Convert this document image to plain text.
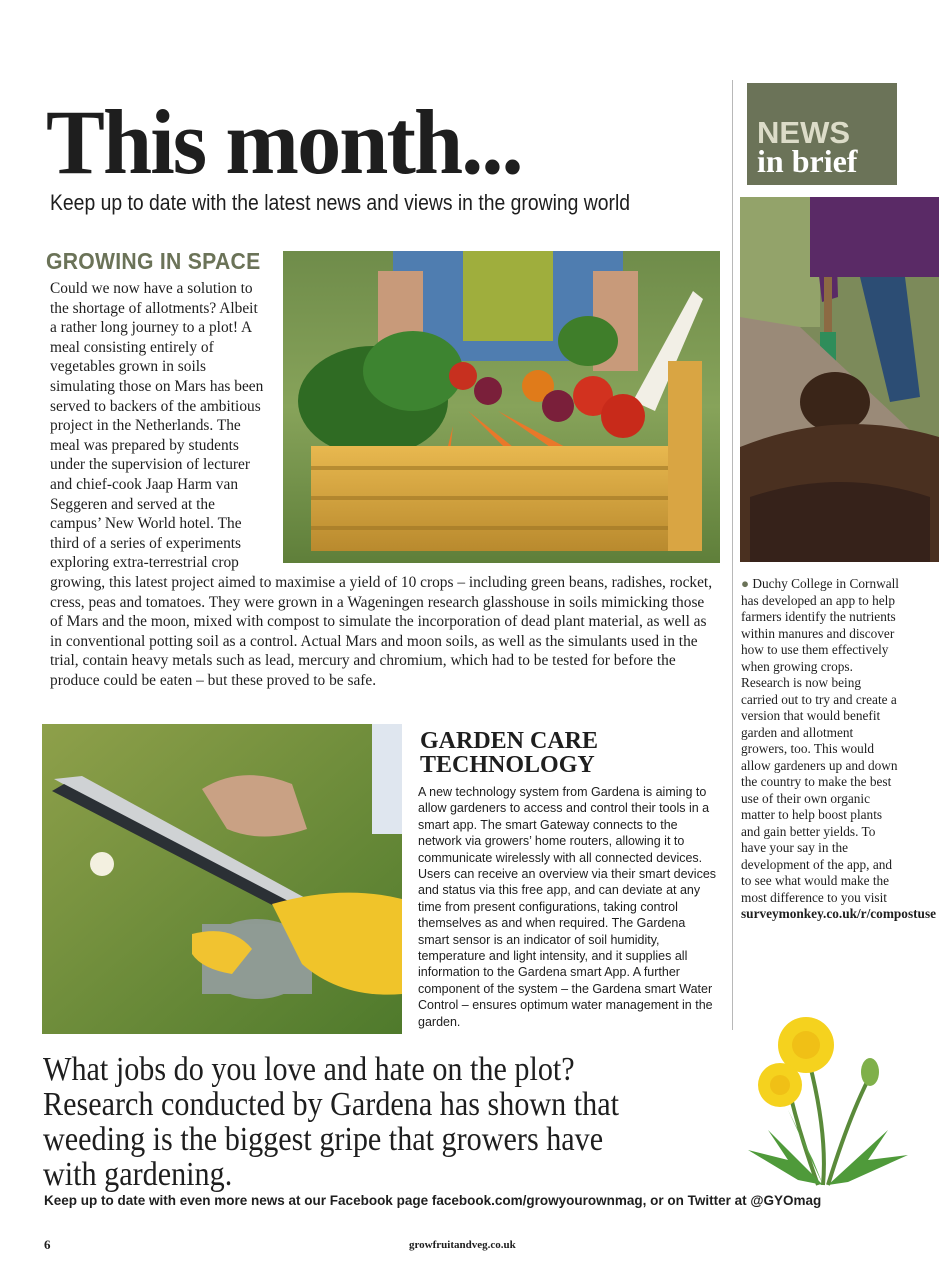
This month...
Keep up to date with the latest news and views in the growing world
NEWS
in brief
GROWING IN SPACE
Could we now have a solution to the shortage of allotments? Albeit a rather long journey to a plot! A meal consisting entirely of vegetables grown in soils simulating those on Mars has been served to backers of the ambitious project in the Netherlands. The meal was prepared by students under the supervision of lecturer and chief-cook Jaap Harm van Seggeren and served at the campus’ New World hotel. The third of a series of experiments exploring extra-terrestrial crop growing, this latest project aimed to maximise a yield of 10 crops – including green beans, radishes, rocket, cress, peas and tomatoes. They were grown in a Wageningen research glasshouse in soils mimicking those of Mars and the moon, mixed with compost to simulate the incorporation of dead plant material, as well as in conventional potting soil as a control. Actual Mars and moon soils, as well as the simulants used in the trial, contain heavy metals such as lead, mercury and chromium, which had to be tested for before the produce could be eaten – but these proved to be safe.
GARDEN CARE TECHNOLOGY
A new technology system from Gardena is aiming to allow gardeners to access and control their tools in a smart app. The smart Gateway connects to the network via growers’ home routers, allowing it to communicate wirelessly with all connected devices. Users can receive an overview via their smart devices and status via this free app, and can deviate at any time from present configurations, taking control themselves as and when required. The Gardena smart sensor is an indicator of soil humidity, temperature and light intensity, and it supplies all information to the Gardena smart App. A further component of the system – the Gardena smart Water Control – ensures optimum water management in the garden.
● Duchy College in Cornwall has developed an app to help farmers identify the nutrients within manures and discover how to use them effectively when growing crops. Research is now being carried out to try and create a version that would benefit garden and allotment growers, too. This would allow gardeners up and down the country to make the best use of their own organic matter to help boost plants and gain better yields. To have your say in the development of the app, and to see what would make the most difference to you visit surveymonkey.co.uk/r/compostuse
What jobs do you love and hate on the plot? Research conducted by Gardena has shown that weeding is the biggest gripe that growers have with gardening.
Keep up to date with even more news at our Facebook page facebook.com/growyourownmag, or on Twitter at @GYOmag
6	growfruitandveg.co.uk
